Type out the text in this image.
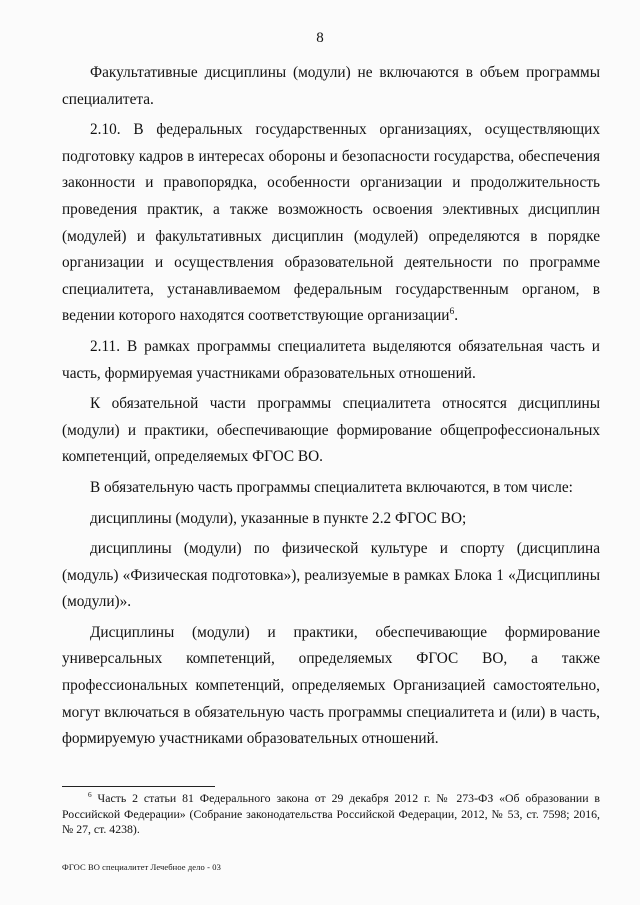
8

Факультативные дисциплины (модули) не включаются в объем программы специалитета.

2.10. В федеральных государственных организациях, осуществляющих подготовку кадров в интересах обороны и безопасности государства, обеспечения законности и правопорядка, особенности организации и продолжительность проведения практик, а также возможность освоения элективных дисциплин (модулей) и факультативных дисциплин (модулей) определяются в порядке организации и осуществления образовательной деятельности по программе специалитета, устанавливаемом федеральным государственным органом, в ведении которого находятся соответствующие организации$^6$.

2.11. В рамках программы специалитета выделяются обязательная часть и часть, формируемая участниками образовательных отношений.

К обязательной части программы специалитета относятся дисциплины (модули) и практики, обеспечивающие формирование общепрофессиональных компетенций, определяемых ФГОС ВО.

В обязательную часть программы специалитета включаются, в том числе:

дисциплины (модули), указанные в пункте 2.2 ФГОС ВО;

дисциплины (модули) по физической культуре и спорту (дисциплина (модуль) «Физическая подготовка»), реализуемые в рамках Блока 1 «Дисциплины (модули)».

Дисциплины (модули) и практики, обеспечивающие формирование универсальных компетенций, определяемых ФГОС ВО, а также профессиональных компетенций, определяемых Организацией самостоятельно, могут включаться в обязательную часть программы специалитета и (или) в часть, формируемую участниками образовательных отношений.

$^6$ Часть 2 статьи 81 Федерального закона от 29 декабря 2012 г. № 273-ФЗ «Об образовании в Российской Федерации» (Собрание законодательства Российской Федерации, 2012, № 53, ст. 7598; 2016, № 27, ст. 4238).
ФГОС ВО специалитет Лечебное дело - 03
